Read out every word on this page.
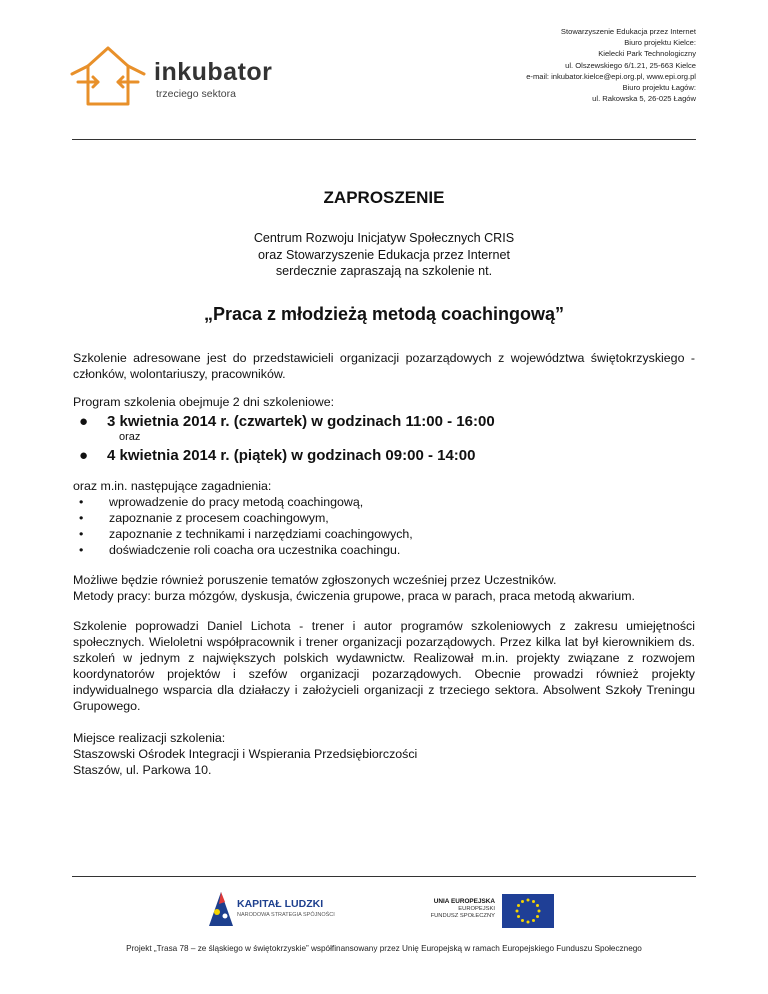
inkubator
trzeciego sektora
Stowarzyszenie Edukacja przez Internet
Biuro projektu Kielce:
Kielecki Park Technologiczny
ul. Olszewskiego 6/1.21, 25-663 Kielce
e-mail: inkubator.kielce@epi.org.pl, www.epi.org.pl
Biuro projektu Łagów:
ul. Rakowska 5, 26-025 Łagów
ZAPROSZENIE
Centrum Rozwoju Inicjatyw Społecznych CRIS
oraz Stowarzyszenie Edukacja przez Internet
serdecznie zapraszają na szkolenie nt.
„Praca z młodzieżą metodą coachingową”

Szkolenie adresowane jest do przedstawicieli organizacji pozarządowych z województwa świętokrzyskiego - członków, wolontariuszy, pracowników.

Program szkolenia obejmuje 2 dni szkoleniowe:
●	3 kwietnia 2014 r. (czwartek) w godzinach 11:00 - 16:00
oraz
●	4 kwietnia 2014 r. (piątek) w godzinach 09:00 - 14:00
oraz m.in. następujące zagadnienia:
•	wprowadzenie do pracy metodą coachingową,
•	zapoznanie z procesem coachingowym,
•	zapoznanie z technikami i narzędziami coachingowych,
•	doświadczenie roli coacha ora uczestnika coachingu.
Możliwe będzie również poruszenie tematów zgłoszonych wcześniej przez Uczestników.
Metody pracy: burza mózgów, dyskusja, ćwiczenia grupowe, praca w parach, praca metodą akwarium.

Szkolenie poprowadzi Daniel Lichota - trener i autor programów szkoleniowych z zakresu umiejętności społecznych. Wieloletni współpracownik i trener organizacji pozarządowych. Przez kilka lat był kierownikiem ds. szkoleń w jednym z największych polskich wydawnictw. Realizował m.in. projekty związane z rozwojem koordynatorów projektów i szefów organizacji pozarządowych. Obecnie prowadzi również projekty indywidualnego wsparcia dla działaczy i założycieli organizacji z trzeciego sektora. Absolwent Szkoły Treningu Grupowego.

Miejsce realizacji szkolenia:
Staszowski Ośrodek Integracji i Wspierania Przedsiębiorczości
Staszów, ul. Parkowa 10.
KAPITAŁ LUDZKI
NARODOWA STRATEGIA SPÓJNOŚCI
UNIA EUROPEJSKA
EUROPEJSKI
FUNDUSZ SPOŁECZNY
Projekt „Trasa 78 – ze śląskiego w świętokrzyskie” współfinansowany przez Unię Europejską w ramach Europejskiego Funduszu Społecznego
